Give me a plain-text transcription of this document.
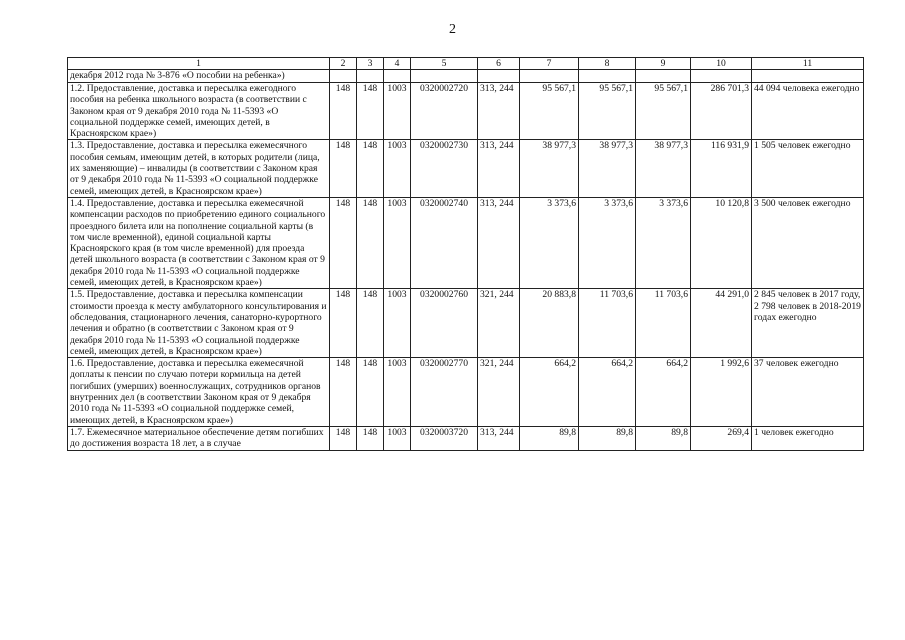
2
1	2	3	4	5	6	7	8	9	10	11
декабря 2012 года № 3-876 «О пособии на ребенка»)										
1.2. Предоставление, доставка и пересылка ежегодного пособия на ребенка школьного возраста (в соответствии с Законом края от 9 декабря 2010 года № 11-5393 «О социальной поддержке семей, имеющих детей, в Красноярском крае»)	148	148	1003	0320002720	313, 244	95 567,1	95 567,1	95 567,1	286 701,3	44 094 человека ежегодно
1.3. Предоставление, доставка и пересылка ежемесячного пособия семьям, имеющим детей, в которых родители (лица, их заменяющие) – инвалиды (в соответствии с Законом края от 9 декабря 2010 года № 11-5393 «О социальной поддержке семей, имеющих детей, в Красноярском крае»)	148	148	1003	0320002730	313, 244	38 977,3	38 977,3	38 977,3	116 931,9	1 505 человек ежегодно
1.4. Предоставление, доставка и пересылка ежемесячной компенсации расходов по приобретению единого социального проездного билета или на пополнение социальной карты (в том числе временной), единой социальной карты Красноярского края (в том числе временной) для проезда детей школьного возраста (в соответствии с Законом края от 9 декабря 2010 года № 11-5393 «О социальной поддержке семей, имеющих детей, в Красноярском крае»)	148	148	1003	0320002740	313, 244	3 373,6	3 373,6	3 373,6	10 120,8	3 500 человек ежегодно
1.5. Предоставление, доставка и пересылка компенсации стоимости проезда к месту амбулаторного консультирования и обследования, стационарного лечения, санаторно-курортного лечения и обратно (в соответствии с Законом края от 9 декабря 2010 года № 11-5393 «О социальной поддержке семей, имеющих детей, в Красноярском крае»)	148	148	1003	0320002760	321, 244	20 883,8	11 703,6	11 703,6	44 291,0	2 845 человек в 2017 году, 2 798 человек в 2018-2019 годах ежегодно
1.6. Предоставление, доставка и пересылка ежемесячной доплаты к пенсии по случаю потери кормильца на детей погибших (умерших) военнослужащих, сотрудников органов внутренних дел (в соответствии Законом края от 9 декабря 2010 года № 11-5393 «О социальной поддержке семей, имеющих детей, в Красноярском крае»)	148	148	1003	0320002770	321, 244	664,2	664,2	664,2	1 992,6	37 человек ежегодно
1.7. Ежемесячное материальное обеспечение детям погибших до достижения возраста 18 лет, а в случае	148	148	1003	0320003720	313, 244	89,8	89,8	89,8	269,4	1 человек ежегодно
